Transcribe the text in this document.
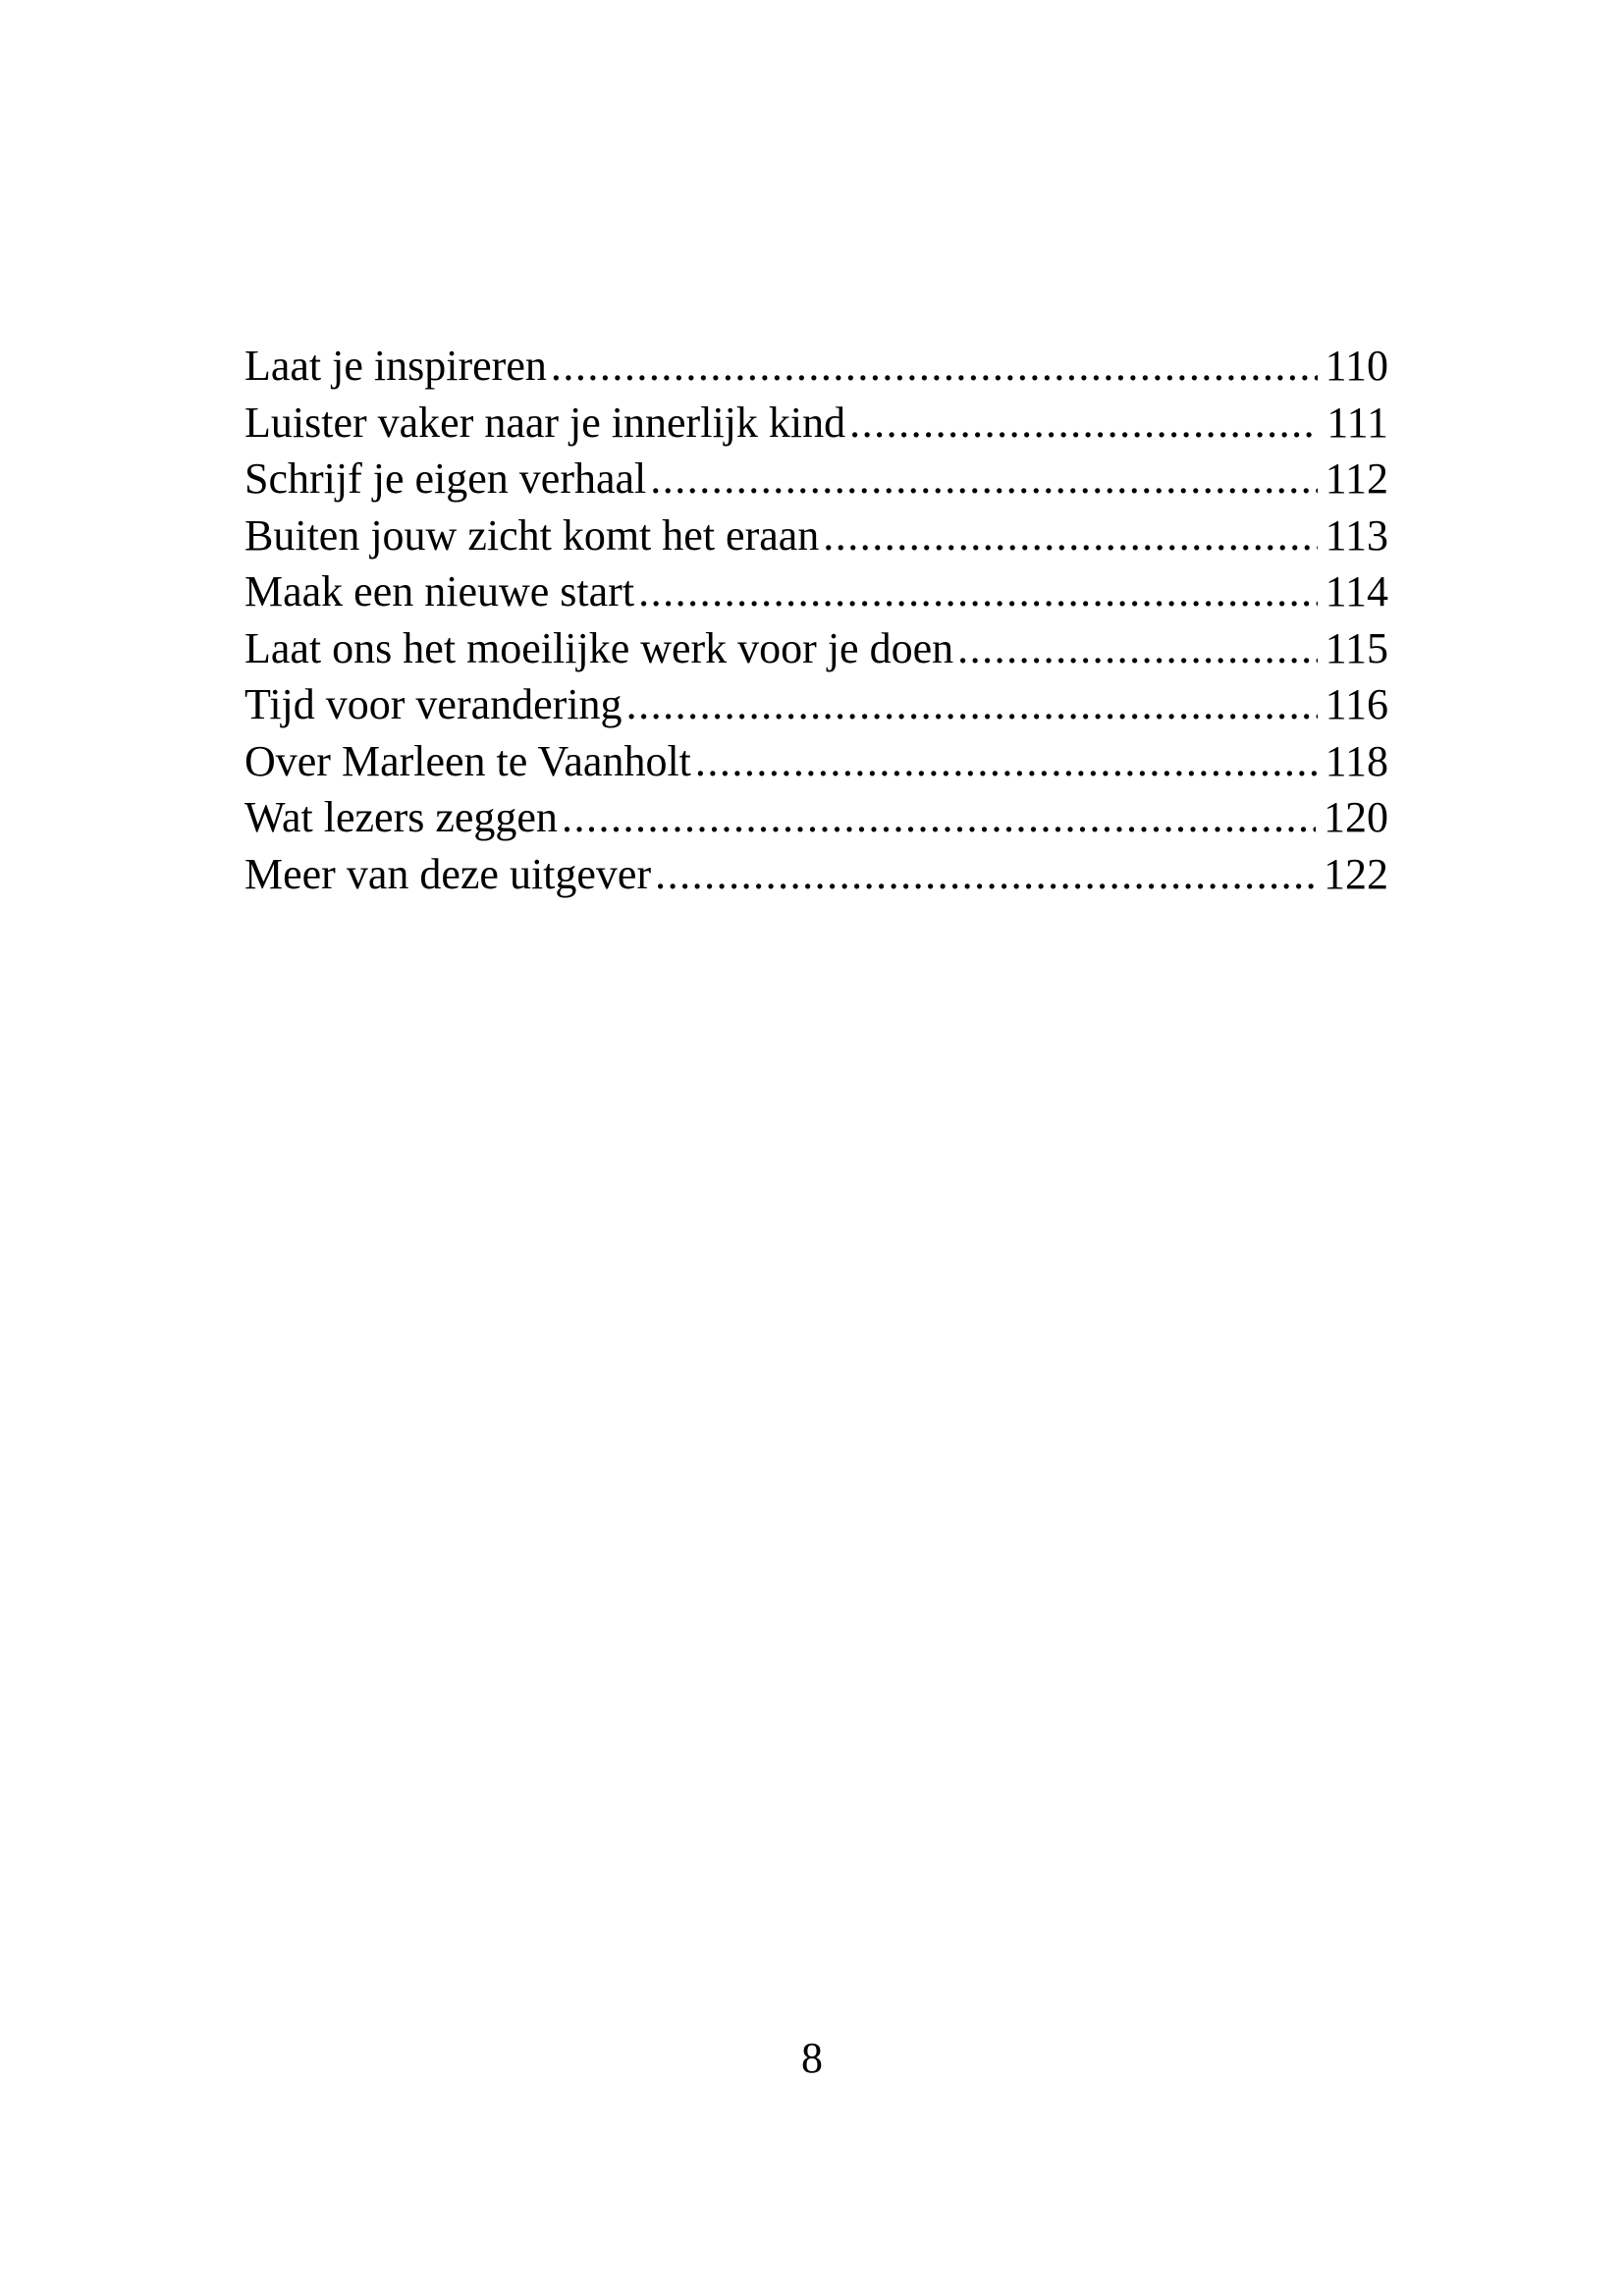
Laat je inspireren .....	110
Luister vaker naar je innerlijk kind .....	111
Schrijf je eigen verhaal .....	112
Buiten jouw zicht komt het eraan .....	113
Maak een nieuwe start .....	114
Laat ons het moeilijke werk voor je doen .....	115
Tijd voor verandering .....	116
Over Marleen te Vaanholt .....	118
Wat lezers zeggen .....	120
Meer van deze uitgever .....	122
8
